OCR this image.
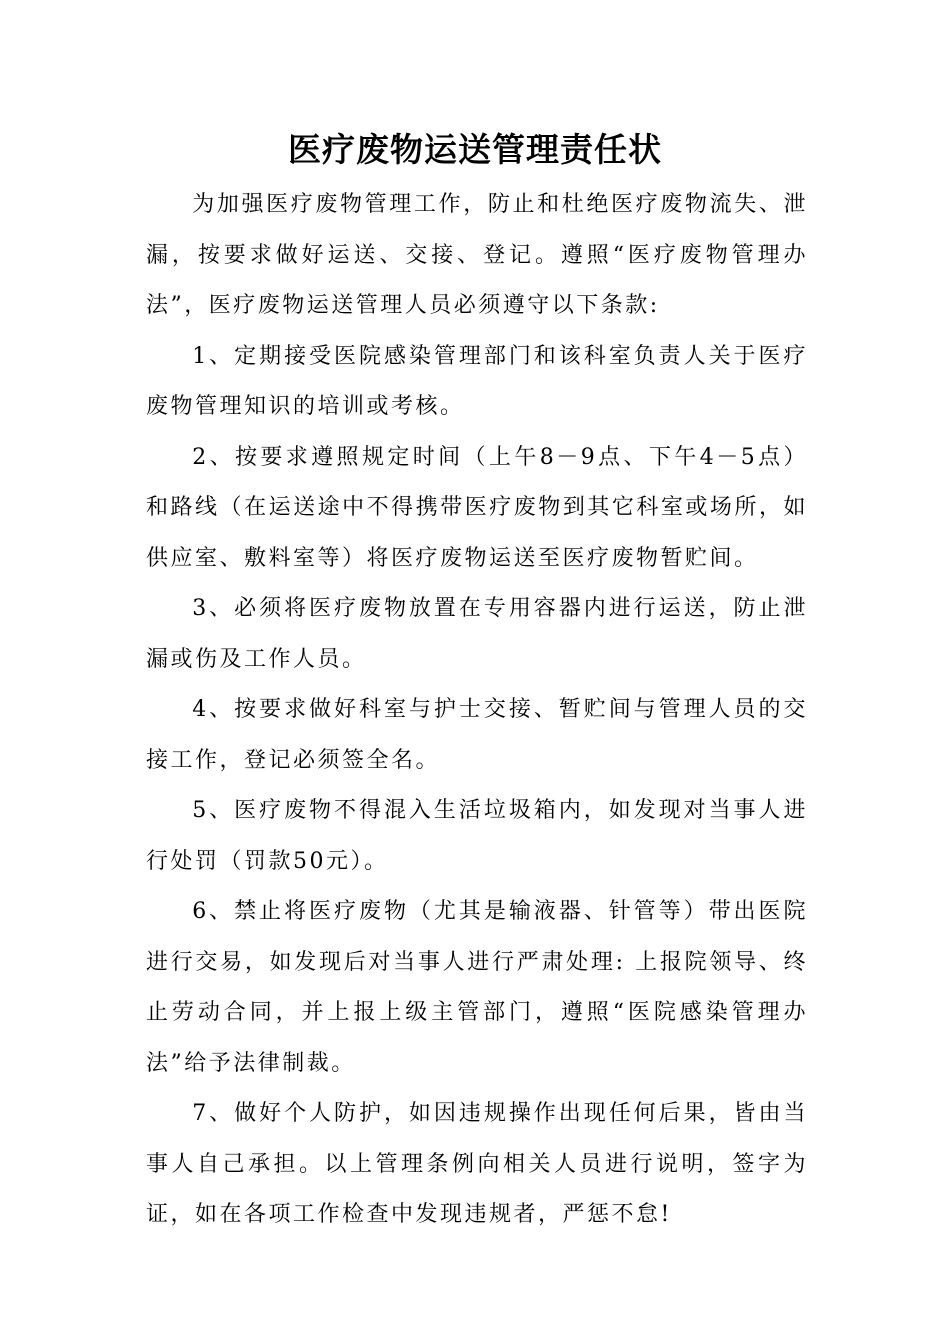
医疗废物运送管理责任状

为加强医疗废物管理工作，防止和杜绝医疗废物流失、泄漏，按要求做好运送、交接、登记。遵照“医疗废物管理办法”，医疗废物运送管理人员必须遵守以下条款:

1、定期接受医院感染管理部门和该科室负责人关于医疗废物管理知识的培训或考核。

2、按要求遵照规定时间（上午8－9点、下午4－5点）和路线（在运送途中不得携带医疗废物到其它科室或场所，如供应室、敷料室等）将医疗废物运送至医疗废物暂贮间。

3、必须将医疗废物放置在专用容器内进行运送，防止泄漏或伤及工作人员。

4、按要求做好科室与护士交接、暂贮间与管理人员的交接工作，登记必须签全名。

5、医疗废物不得混入生活垃圾箱内，如发现对当事人进行处罚（罚款50元）。

6、禁止将医疗废物（尤其是输液器、针管等）带出医院进行交易，如发现后对当事人进行严肃处理: 上报院领导、终止劳动合同，并上报上级主管部门，遵照“医院感染管理办法”给予法律制裁。

7、做好个人防护，如因违规操作出现任何后果，皆由当事人自己承担。以上管理条例向相关人员进行说明，签字为证，如在各项工作检查中发现违规者，严惩不怠!
